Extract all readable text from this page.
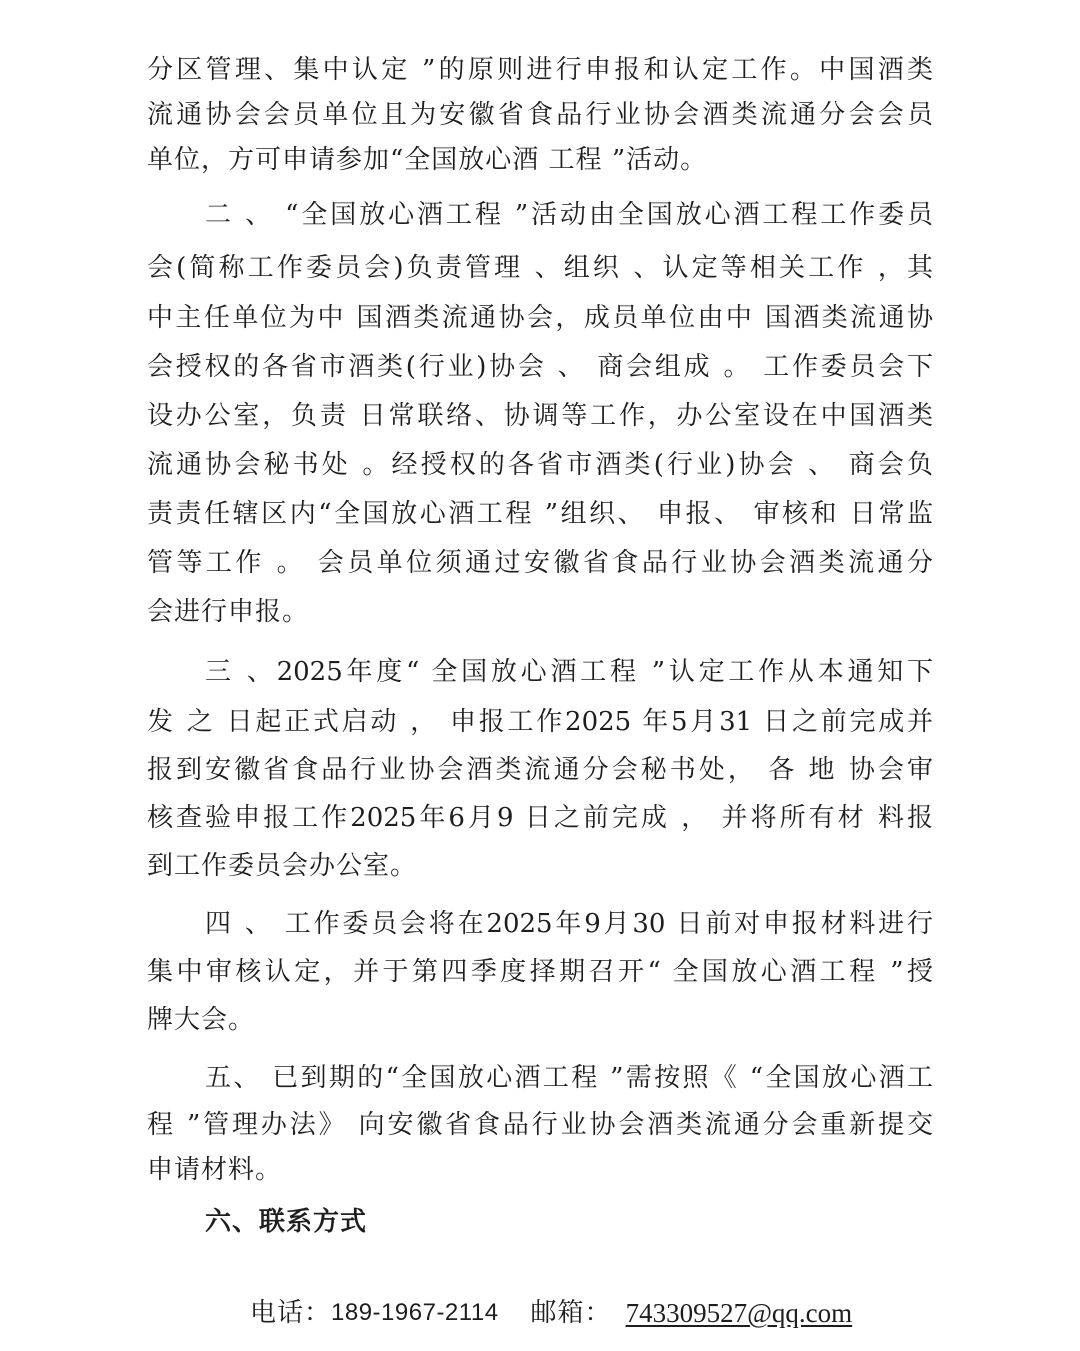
分区管理、集中认定 ”的原则进行申报和认定工作。中国酒类
流通协会会员单位且为安徽省食品行业协会酒类流通分会会员
单位，方可申请参加“全国放心酒 工程 ”活动。
二 、 “全国放心酒工程 ”活动由全国放心酒工程工作委员
会(简称工作委员会)负责管理 、组织 、认定等相关工作 ，其
中主任单位为中 国酒类流通协会，成员单位由中 国酒类流通协
会授权的各省市酒类(行业)协会 、 商会组成 。 工作委员会下
设办公室，负责 日常联络、协调等工作，办公室设在中国酒类
流通协会秘书处 。经授权的各省市酒类(行业)协会 、 商会负
责责任辖区内“全国放心酒工程 ”组织、 申报、 审核和 日常监
管等工作 。 会员单位须通过安徽省食品行业协会酒类流通分
会进行申报。
三 、2025年度“ 全国放心酒工程 ”认定工作从本通知下
发 之 日起正式启动 ， 申报工作2025 年5月31 日之前完成并
报到安徽省食品行业协会酒类流通分会秘书处， 各 地 协会审
核查验申报工作2025年6月9 日之前完成 ， 并将所有材 料报
到工作委员会办公室。
四 、 工作委员会将在2025年9月30 日前对申报材料进行
集中审核认定，并于第四季度择期召开“ 全国放心酒工程 ”授
牌大会。
五、 已到期的“全国放心酒工程 ”需按照《 “全国放心酒工
程 ”管理办法》 向安徽省食品行业协会酒类流通分会重新提交
申请材料。
六、联系方式
电话： 189-1967-2114 邮箱： 743309527@qq.com
